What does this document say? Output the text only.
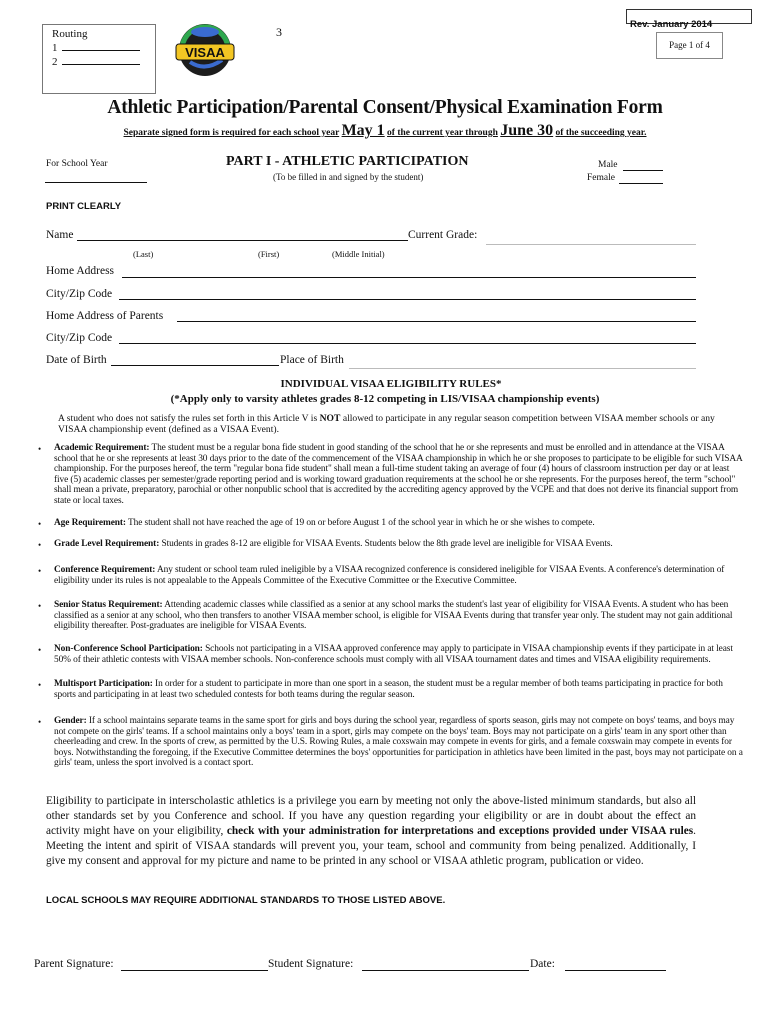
Routing
1
2
VISAA
3
Rev. January 2014
Page 1 of 4
Athletic Participation/Parental Consent/Physical Examination Form
Separate signed form is required for each school year May 1 of the current year through June 30 of the succeeding year.
For School Year	PART I - ATHLETIC PARTICIPATION
(To be filled in and signed by the student)
Male
Female
PRINT CLEARLY
Name	Current Grade:
(Last)	(First)	(Middle Initial)
Home Address
City/Zip Code
Home Address of Parents
City/Zip Code
Date of Birth	Place of Birth
INDIVIDUAL VISAA ELIGIBILITY RULES*
(*Apply only to varsity athletes grades 8-12 competing in LIS/VISAA championship events)
A student who does not satisfy the rules set forth in this Article V is NOT allowed to participate in any regular season competition between VISAA member schools or any VISAA championship event (defined as a VISAA Event).
• Academic Requirement: The student must be a regular bona fide student in good standing of the school that he or she represents and must be enrolled and in attendance at the VISAA school that he or she represents at least 30 days prior to the date of the commencement of the VISAA championship in which he or she proposes to participate to be eligible for such VISAA championship. For the purposes hereof, the term "regular bona fide student" shall mean a full-time student taking an average of four (4) hours of classroom instruction per day or at least five (5) academic classes per semester/grade reporting period and is working toward graduation requirements at the school he or she represents. For the purposes hereof, the term "school" shall mean a private, preparatory, parochial or other nonpublic school that is accredited by the accrediting agency approved by the VCPE and that does not derive its financial support from state or local taxes.
• Age Requirement: The student shall not have reached the age of 19 on or before August 1 of the school year in which he or she wishes to compete.
• Grade Level Requirement: Students in grades 8-12 are eligible for VISAA Events. Students below the 8th grade level are ineligible for VISAA Events.
• Conference Requirement: Any student or school team ruled ineligible by a VISAA recognized conference is considered ineligible for VISAA Events. A conference's determination of eligibility under its rules is not appealable to the Appeals Committee of the Executive Committee or the Executive Committee.
• Senior Status Requirement: Attending academic classes while classified as a senior at any school marks the student's last year of eligibility for VISAA Events. A student who has been classified as a senior at any school, who then transfers to another VISAA member school, is eligible for VISAA Events during that transfer year only. The student may not gain additional eligibility thereafter. Post-graduates are ineligible for VISAA Events.
• Non-Conference School Participation: Schools not participating in a VISAA approved conference may apply to participate in VISAA championship events if they participate in at least 50% of their athletic contests with VISAA member schools. Non-conference schools must comply with all VISAA tournament dates and times and VISAA eligibility requirements.
• Multisport Participation: In order for a student to participate in more than one sport in a season, the student must be a regular member of both teams participating in practice for both sports and participating in at least two scheduled contests for both teams during the regular season.
• Gender: If a school maintains separate teams in the same sport for girls and boys during the school year, regardless of sports season, girls may not compete on boys' teams, and boys may not compete on the girls' teams. If a school maintains only a boys' team in a sport, girls may compete on the boys' team. Boys may not participate on a girls' team in any sport other than cheerleading and crew. In the sports of crew, as permitted by the U.S. Rowing Rules, a male coxswain may compete in events for girls, and a female coxswain may compete in events for boys. Notwithstanding the foregoing, if the Executive Committee determines the boys' opportunities for participation in athletics have been limited in the past, boys may not participate on a girls' team, unless the sport involved is a contact sport.
Eligibility to participate in interscholastic athletics is a privilege you earn by meeting not only the above-listed minimum standards, but also all other standards set by you Conference and school. If you have any question regarding your eligibility or are in doubt about the effect an activity might have on your eligibility, check with your administration for interpretations and exceptions provided under VISAA rules. Meeting the intent and spirit of VISAA standards will prevent you, your team, school and community from being penalized. Additionally, I give my consent and approval for my picture and name to be printed in any school or VISAA athletic program, publication or video.
LOCAL SCHOOLS MAY REQUIRE ADDITIONAL STANDARDS TO THOSE LISTED ABOVE.
Parent Signature:	Student Signature:	Date:
